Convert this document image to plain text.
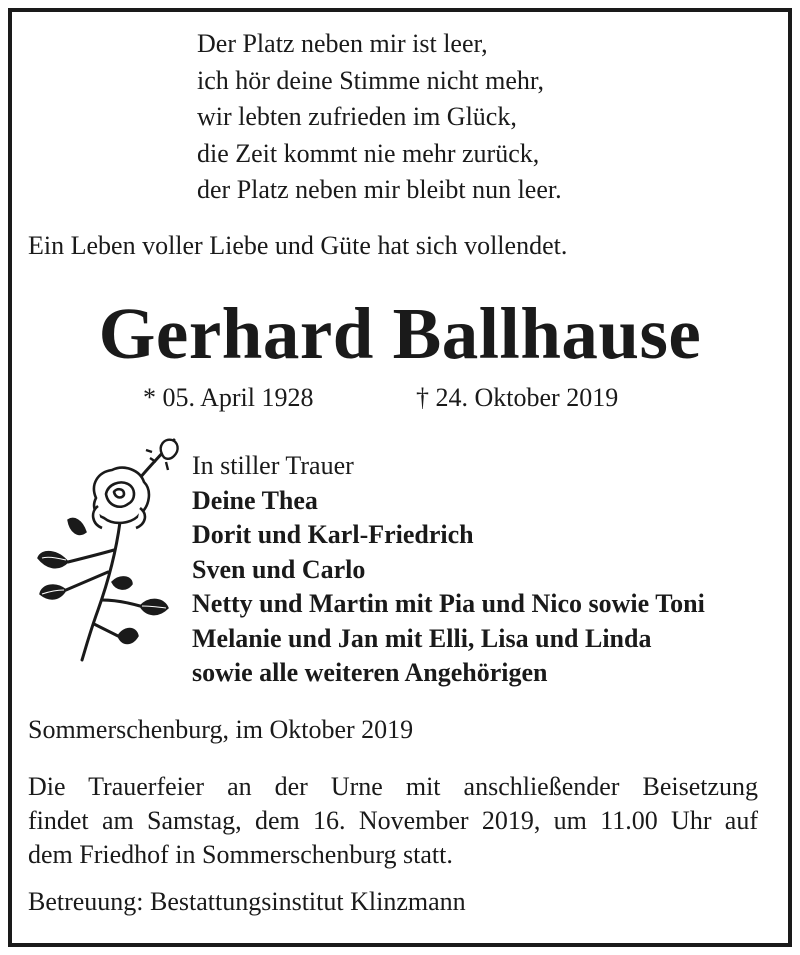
Der Platz neben mir ist leer,
ich hör deine Stimme nicht mehr,
wir lebten zufrieden im Glück,
die Zeit kommt nie mehr zurück,
der Platz neben mir bleibt nun leer.
Ein Leben voller Liebe und Güte hat sich vollendet.
Gerhard Ballhause
* 05. April 1928	† 24. Oktober 2019
In stiller Trauer
Deine Thea
Dorit und Karl-Friedrich
Sven und Carlo
Netty und Martin mit Pia und Nico sowie Toni
Melanie und Jan mit Elli, Lisa und Linda
sowie alle weiteren Angehörigen
Sommerschenburg, im Oktober 2019
Die Trauerfeier an der Urne mit anschließender Beisetzung
findet am Samstag, dem 16. November 2019, um 11.00 Uhr auf
dem Friedhof in Sommerschenburg statt.
Betreuung: Bestattungsinstitut Klinzmann
